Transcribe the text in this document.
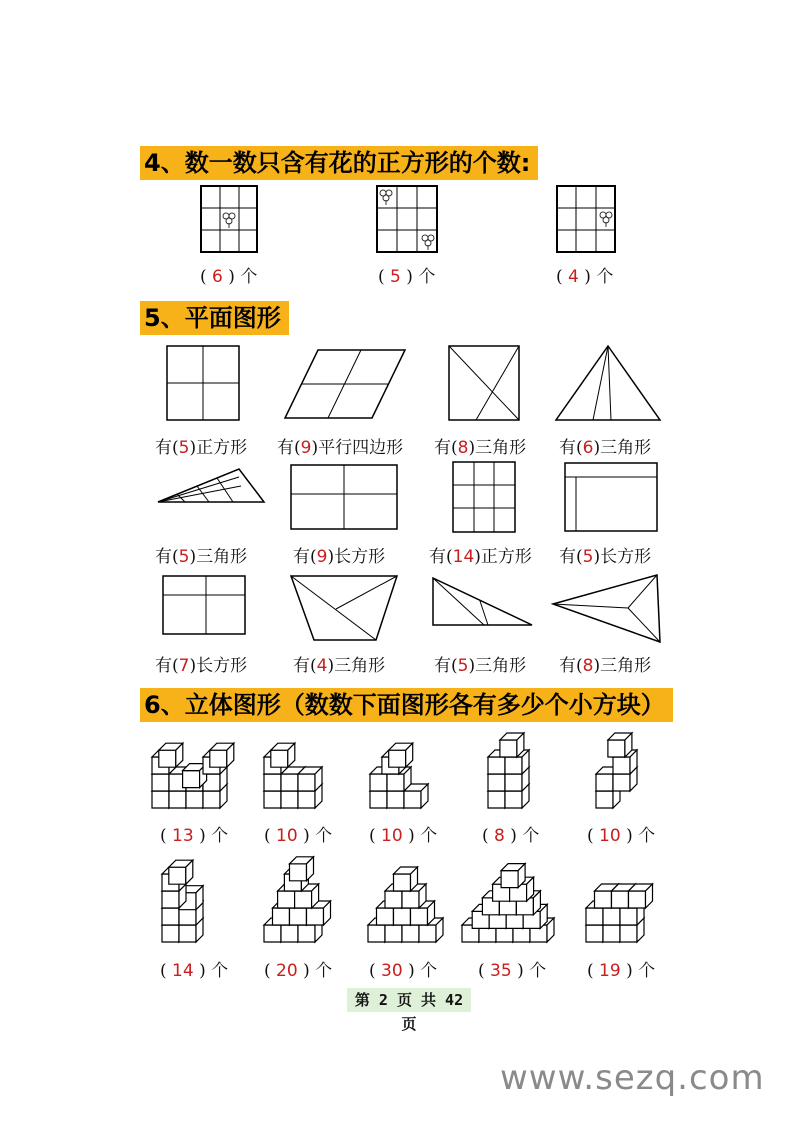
4、数一数只含有花的正方形的个数:
( 6 ) 个	( 5 ) 个	( 4 ) 个
5、平面图形
有(5)正方形 有(9)平行四边形 有(8)三角形 有(6)三角形
有(5)三角形	有(9)长方形	有(14)正方形 有(5)长方形
有(7)长方形	有(4)三角形	有(5)三角形 有(8)三角形
6、立体图形（数数下面图形各有多少个小方块）
( 13 ) 个 ( 10 ) 个 ( 10 ) 个	( 8 ) 个	( 10 ) 个
( 14 ) 个 ( 20 ) 个 ( 30 ) 个 ( 35 ) 个 ( 19 ) 个
第 2 页 共 42 页
www.sezq.com
